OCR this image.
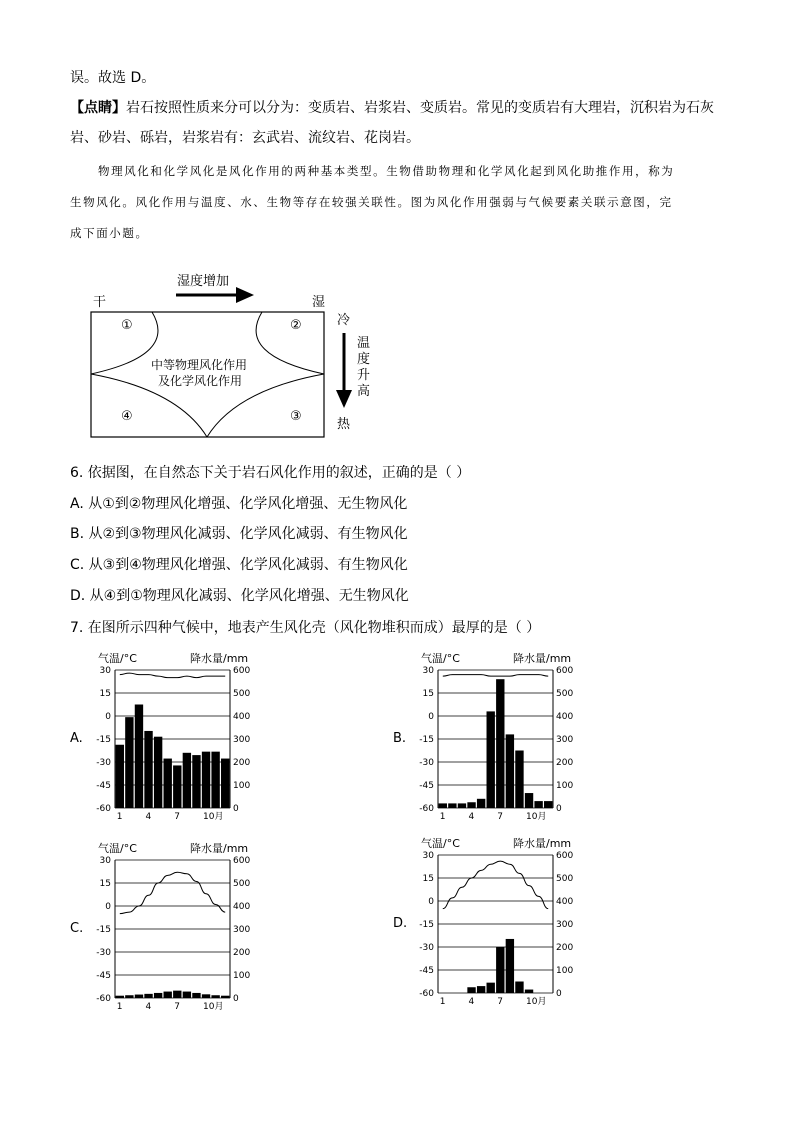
误。故选 D。
【点睛】岩石按照性质来分可以分为：变质岩、岩浆岩、变质岩。常见的变质岩有大理岩，沉积岩为石灰
岩、砂岩、砾岩，岩浆岩有：玄武岩、流纹岩、花岗岩。
物理风化和化学风化是风化作用的两种基本类型。生物借助物理和化学风化起到风化助推作用，称为
生物风化。风化作用与温度、水、生物等存在较强关联性。图为风化作用强弱与气候要素关联示意图，完
成下面小题。
湿度增加
干	湿
①	②
③
④
中等物理风化作用
及化学风化作用
冷
温
度
升
高
热
6. 依据图，在自然态下关于岩石风化作用的叙述，正确的是（ ）
A. 从①到②物理风化增强、化学风化增强、无生物风化
B. 从②到③物理风化减弱、化学风化减弱、有生物风化
C. 从③到④物理风化增强、化学风化减弱、有生物风化
D. 从④到①物理风化减弱、化学风化增强、无生物风化
7. 在图所示四种气候中，地表产生风化壳（风化物堆积而成）最厚的是（ ）
A.
气温/°C	降水量/mm
30	600
15	500
0	400
-15	300
-30	200
-45	100
-60	0
1	4	7	10月
B.
气温/°C	降水量/mm
30	600
15	500
0	400
-15	300
-30	200
-45	100
-60	0
1	4	7	10月
C.
气温/°C	降水量/mm
30	600
15	500
0	400
-15	300
-30	200
-45	100
-60	0
1	4	7	10月
D.
气温/°C	降水量/mm
30	600
15	500
0	400
-15	300
-30	200
-45	100
-60	0
1	4	7	10月
